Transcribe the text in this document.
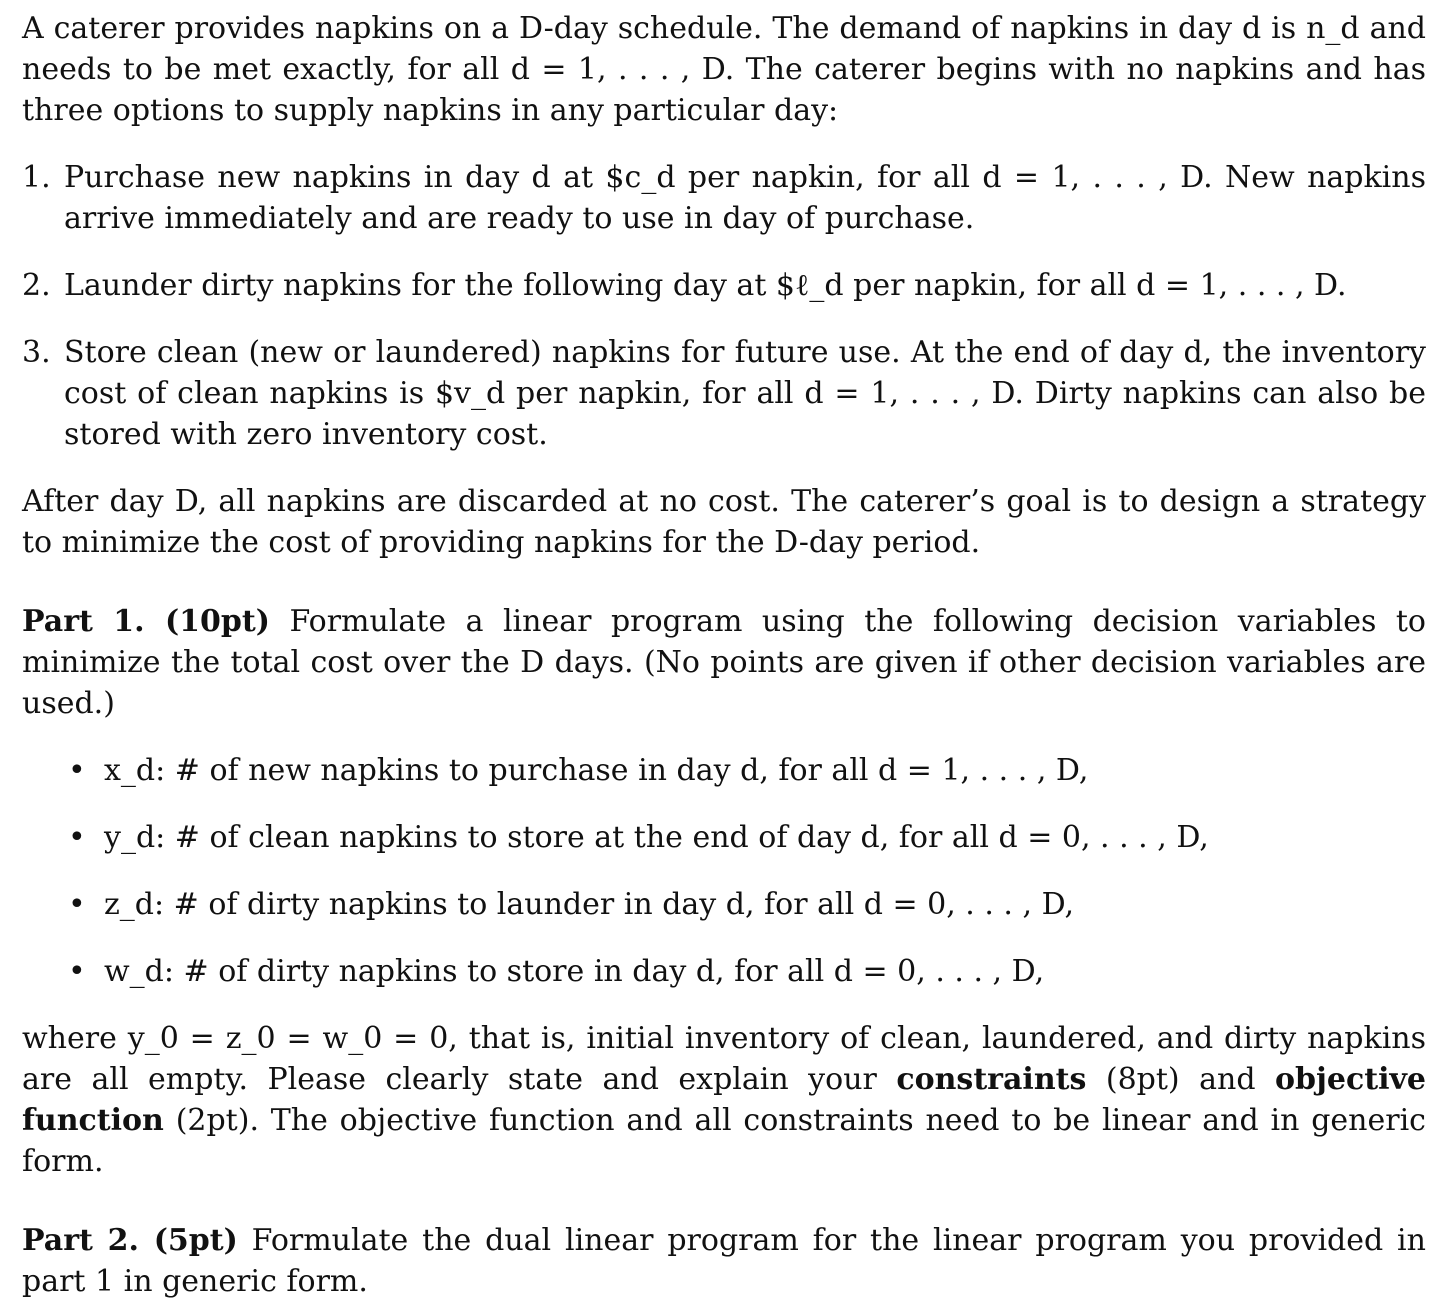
A caterer provides napkins on a D-day schedule. The demand of napkins in day d is n_d and needs to be met exactly, for all d = 1, . . . , D. The caterer begins with no napkins and has three options to supply napkins in any particular day:

1. Purchase new napkins in day d at $c_d per napkin, for all d = 1, . . . , D. New napkins arrive immediately and are ready to use in day of purchase.
2. Launder dirty napkins for the following day at $ℓ_d per napkin, for all d = 1, . . . , D.
3. Store clean (new or laundered) napkins for future use. At the end of day d, the inventory cost of clean napkins is $v_d per napkin, for all d = 1, . . . , D. Dirty napkins can also be stored with zero inventory cost.

After day D, all napkins are discarded at no cost. The caterer’s goal is to design a strategy to minimize the cost of providing napkins for the D-day period.

Part 1. (10pt) Formulate a linear program using the following decision variables to minimize the total cost over the D days. (No points are given if other decision variables are used.)

• x_d: # of new napkins to purchase in day d, for all d = 1, . . . , D,
• y_d: # of clean napkins to store at the end of day d, for all d = 0, . . . , D,
• z_d: # of dirty napkins to launder in day d, for all d = 0, . . . , D,
• w_d: # of dirty napkins to store in day d, for all d = 0, . . . , D,

where y_0 = z_0 = w_0 = 0, that is, initial inventory of clean, laundered, and dirty napkins are all empty. Please clearly state and explain your constraints (8pt) and objective function (2pt). The objective function and all constraints need to be linear and in generic form.

Part 2. (5pt) Formulate the dual linear program for the linear program you provided in part 1 in generic form.
